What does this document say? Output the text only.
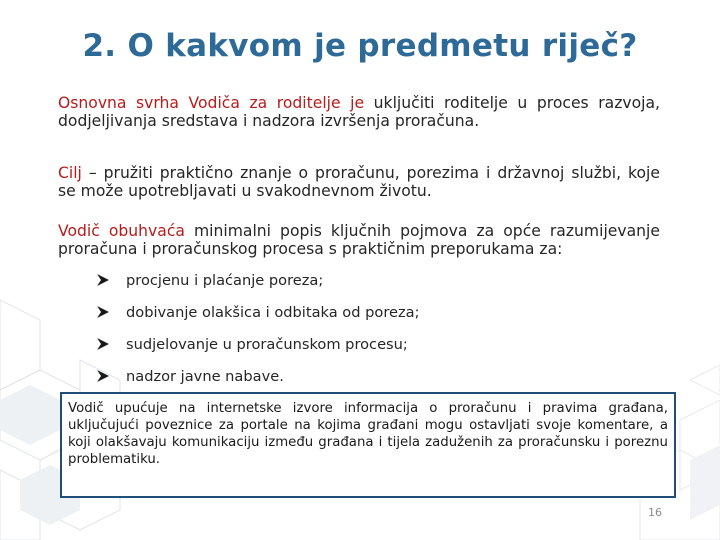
2. O kakvom je predmetu riječ?
Osnovna svrha Vodiča za roditelje je uključiti roditelje u proces razvoja, dodjeljivanja sredstava i nadzora izvršenja proračuna.
Cilj – pružiti praktično znanje o proračunu, porezima i državnoj službi, koje se može upotrebljavati u svakodnevnom životu.
Vodič obuhvaća minimalni popis ključnih pojmova za opće razumijevanje proračuna i proračunskog procesa s praktičnim preporukama za:
procjenu i plaćanje poreza;
dobivanje olakšica i odbitaka od poreza;
sudjelovanje u proračunskom procesu;
nadzor javne nabave.
Vodič upućuje na internetske izvore informacija o proračunu i pravima građana, uključujući poveznice za portale na kojima građani mogu ostavljati svoje komentare, a koji olakšavaju komunikaciju između građana i tijela zaduženih za proračunsku i poreznu problematiku.
16
